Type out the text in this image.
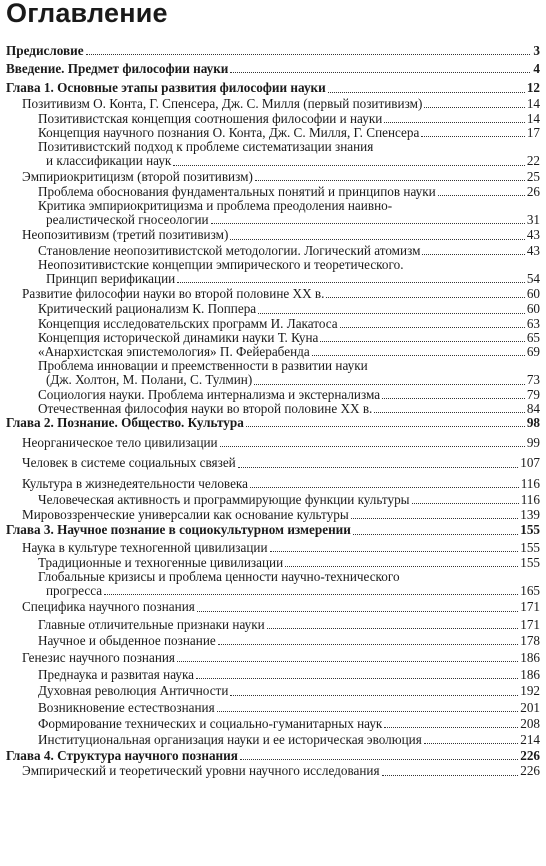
Оглавление
Предисловие	3
Введение. Предмет философии науки	4
Глава 1. Основные этапы развития философии науки	12
Позитивизм О. Конта, Г. Спенсера, Дж. С. Милля (первый позитивизм)	14
Позитивистская концепция соотношения философии и науки	14
Концепция научного познания О. Конта, Дж. С. Милля, Г. Спенсера	17
Позитивистский подход к проблеме систематизации знания
и классификации наук	22
Эмпириокритицизм (второй позитивизм)	25
Проблема обоснования фундаментальных понятий и принципов науки	26
Критика эмпириокритицизма и проблема преодоления наивно-
реалистической гносеологии	31
Неопозитивизм (третий позитивизм)	43
Становление неопозитивистской методологии. Логический атомизм	43
Неопозитивистские концепции эмпирического и теоретического.
Принцип верификации	54
Развитие философии науки во второй половине XX в.	60
Критический рационализм К. Поппера	60
Концепция исследовательских программ И. Лакатоса	63
Концепция исторической динамики науки Т. Куна	65
«Анархистская эпистемология» П. Фейерабенда	69
Проблема инновации и преемственности в развитии науки
(Дж. Холтон, М. Полани, С. Тулмин)	73
Социология науки. Проблема интернализма и экстернализма	79
Отечественная философия науки во второй половине XX в.	84
Глава 2. Познание. Общество. Культура	98
Неорганическое тело цивилизации	99
Человек в системе социальных связей	107
Культура в жизнедеятельности человека	116
Человеческая активность и программирующие функции культуры	116
Мировоззренческие универсалии как основание культуры	139
Глава 3. Научное познание в социокультурном измерении	155
Наука в культуре техногенной цивилизации	155
Традиционные и техногенные цивилизации	155
Глобальные кризисы и проблема ценности научно-технического
прогресса	165
Специфика научного познания	171
Главные отличительные признаки науки	171
Научное и обыденное познание	178
Генезис научного познания	186
Преднаука и развитая наука	186
Духовная революция Античности	192
Возникновение естествознания	201
Формирование технических и социально-гуманитарных наук	208
Институциональная организация науки и ее историческая эволюция	214
Глава 4. Структура научного познания	226
Эмпирический и теоретический уровни научного исследования	226
